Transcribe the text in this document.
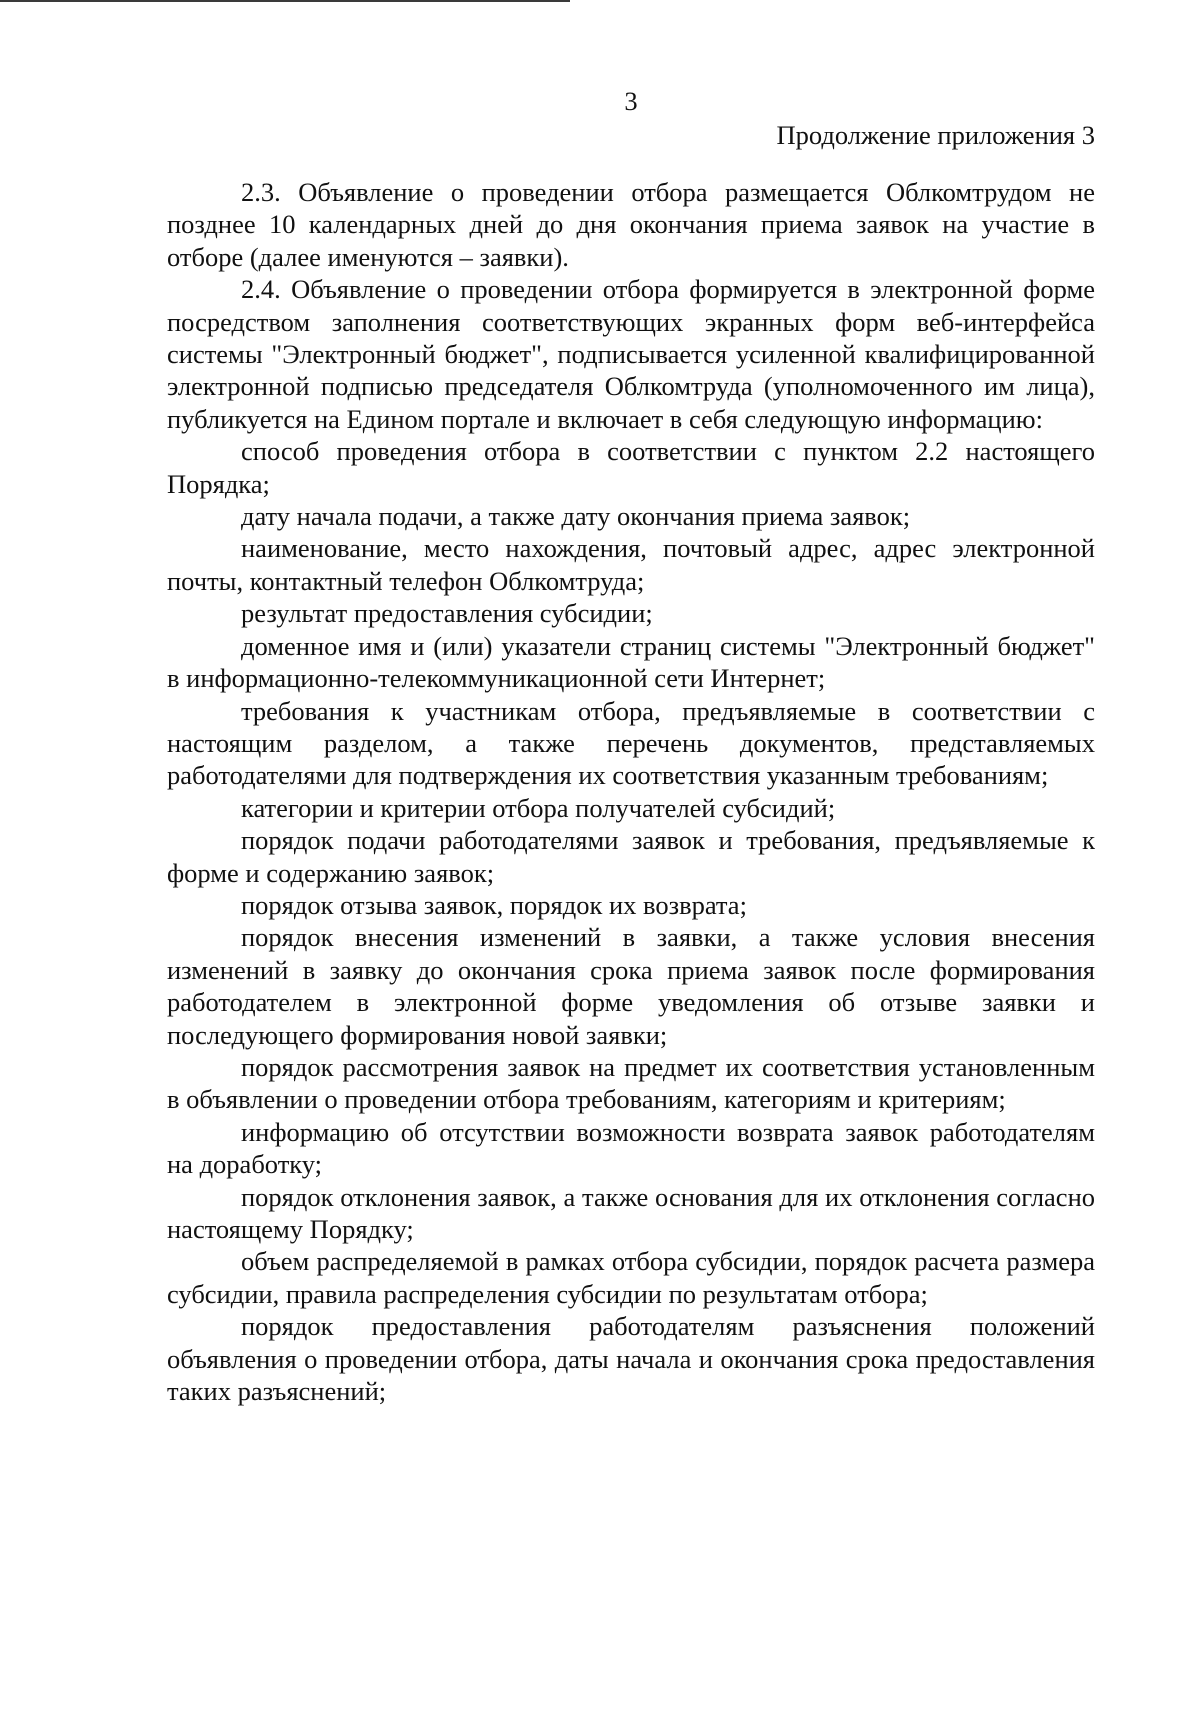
3
Продолжение приложения 3

2.3. Объявление о проведении отбора размещается Облкомтрудом не позднее 10 календарных дней до дня окончания приема заявок на участие в отборе (далее именуются – заявки).

2.4. Объявление о проведении отбора формируется в электронной форме посредством заполнения соответствующих экранных форм веб-интерфейса системы "Электронный бюджет", подписывается усиленной квалифицированной электронной подписью председателя Облкомтруда (уполномоченного им лица), публикуется на Едином портале и включает в себя следующую информацию:

способ проведения отбора в соответствии с пунктом 2.2 настоящего Порядка;

дату начала подачи, а также дату окончания приема заявок;

наименование, место нахождения, почтовый адрес, адрес электронной почты, контактный телефон Облкомтруда;

результат предоставления субсидии;

доменное имя и (или) указатели страниц системы "Электронный бюджет" в информационно-телекоммуникационной сети Интернет;

требования к участникам отбора, предъявляемые в соответствии с настоящим разделом, а также перечень документов, представляемых работодателями для подтверждения их соответствия указанным требованиям;

категории и критерии отбора получателей субсидий;

порядок подачи работодателями заявок и требования, предъявляемые к форме и содержанию заявок;

порядок отзыва заявок, порядок их возврата;

порядок внесения изменений в заявки, а также условия внесения изменений в заявку до окончания срока приема заявок после формирования работодателем в электронной форме уведомления об отзыве заявки и последующего формирования новой заявки;

порядок рассмотрения заявок на предмет их соответствия установленным в объявлении о проведении отбора требованиям, категориям и критериям;

информацию об отсутствии возможности возврата заявок работодателям на доработку;

порядок отклонения заявок, а также основания для их отклонения согласно настоящему Порядку;

объем распределяемой в рамках отбора субсидии, порядок расчета размера субсидии, правила распределения субсидии по результатам отбора;

порядок предоставления работодателям разъяснения положений объявления о проведении отбора, даты начала и окончания срока предоставления таких разъяснений;
